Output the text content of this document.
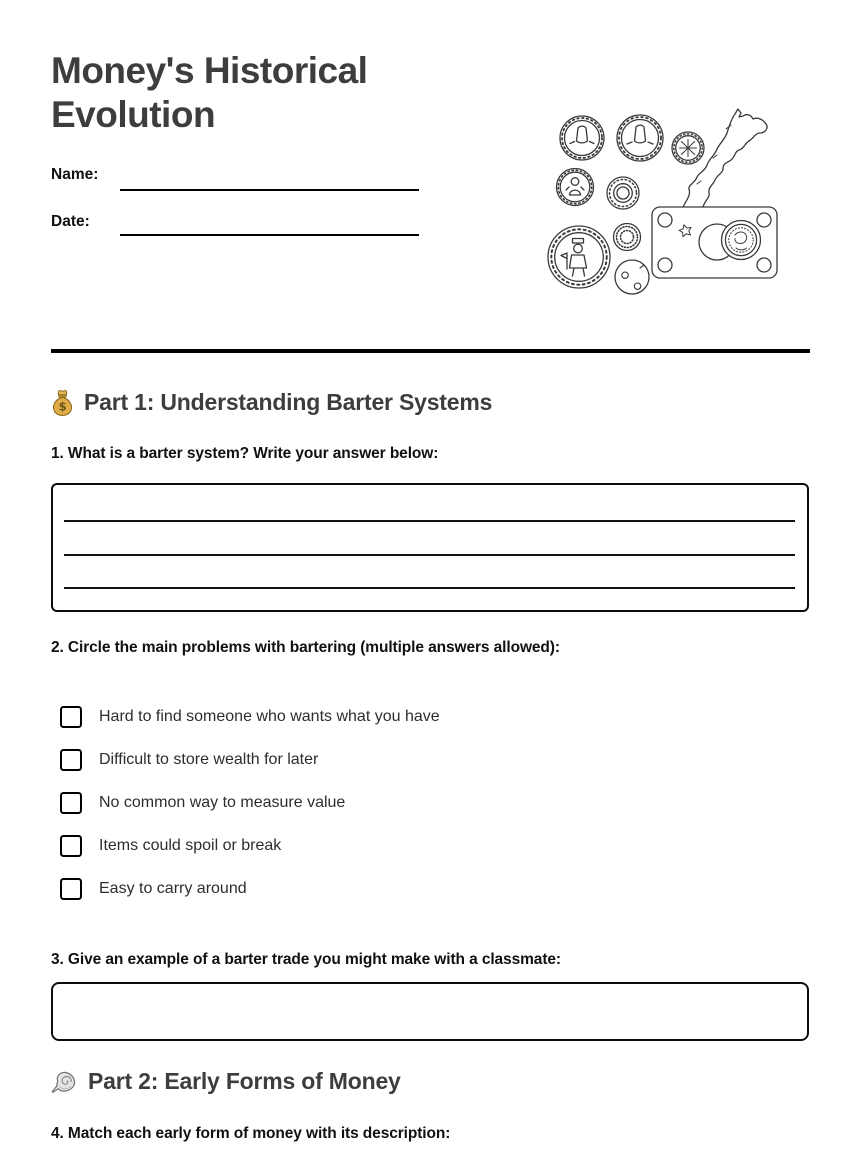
Money's Historical Evolution
Name:
Date:
$ Part 1: Understanding Barter Systems
1. What is a barter system? Write your answer below:
2. Circle the main problems with bartering (multiple answers allowed):
Hard to find someone who wants what you have
Difficult to store wealth for later
No common way to measure value
Items could spoil or break
Easy to carry around
3. Give an example of a barter trade you might make with a classmate:
Part 2: Early Forms of Money
4. Match each early form of money with its description:
